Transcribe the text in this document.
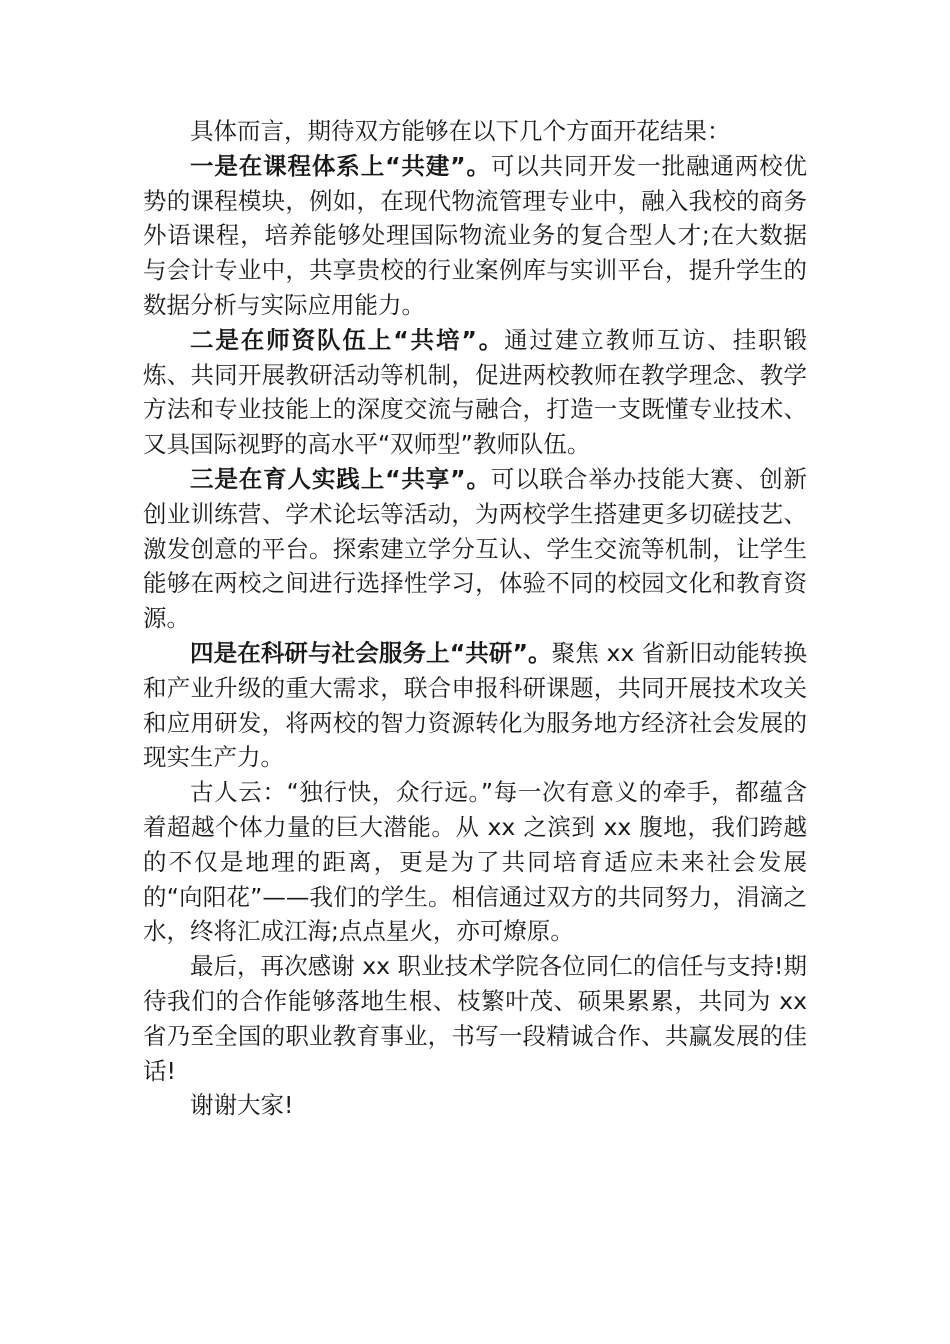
具体而言，期待双方能够在以下几个方面开花结果：

一是在课程体系上“共建”。可以共同开发一批融通两校优势的课程模块，例如，在现代物流管理专业中，融入我校的商务外语课程，培养能够处理国际物流业务的复合型人才;在大数据与会计专业中，共享贵校的行业案例库与实训平台，提升学生的数据分析与实际应用能力。

二是在师资队伍上“共培”。通过建立教师互访、挂职锻炼、共同开展教研活动等机制，促进两校教师在教学理念、教学方法和专业技能上的深度交流与融合，打造一支既懂专业技术、又具国际视野的高水平“双师型”教师队伍。

三是在育人实践上“共享”。可以联合举办技能大赛、创新创业训练营、学术论坛等活动，为两校学生搭建更多切磋技艺、激发创意的平台。探索建立学分互认、学生交流等机制，让学生能够在两校之间进行选择性学习，体验不同的校园文化和教育资源。

四是在科研与社会服务上“共研”。聚焦 xx 省新旧动能转换和产业升级的重大需求，联合申报科研课题，共同开展技术攻关和应用研发，将两校的智力资源转化为服务地方经济社会发展的现实生产力。

古人云：“独行快，众行远。”每一次有意义的牵手，都蕴含着超越个体力量的巨大潜能。从 xx 之滨到 xx 腹地，我们跨越的不仅是地理的距离，更是为了共同培育适应未来社会发展的“向阳花”——我们的学生。相信通过双方的共同努力，涓滴之水，终将汇成江海;点点星火，亦可燎原。

最后，再次感谢 xx 职业技术学院各位同仁的信任与支持!期待我们的合作能够落地生根、枝繁叶茂、硕果累累，共同为 xx 省乃至全国的职业教育事业，书写一段精诚合作、共赢发展的佳话!

谢谢大家!
